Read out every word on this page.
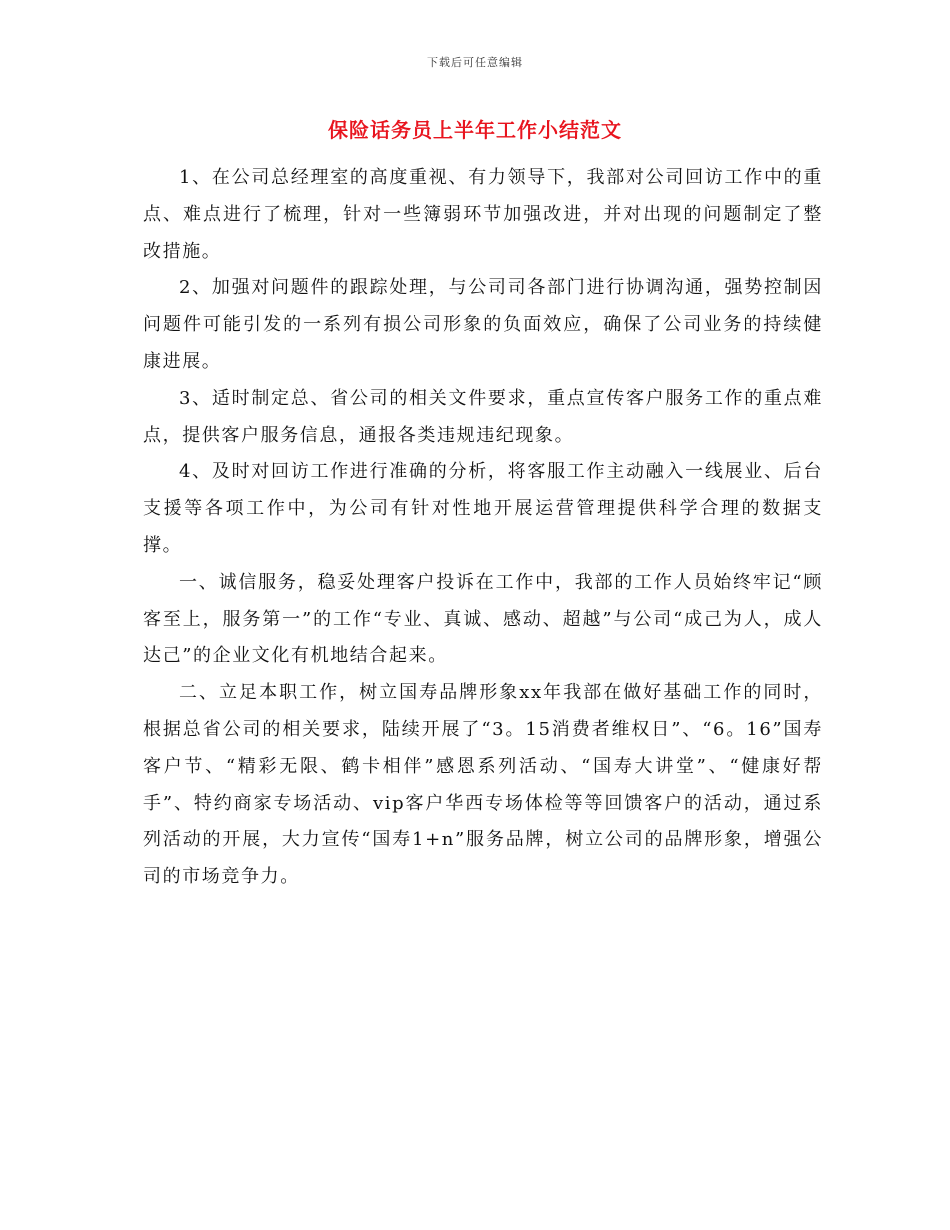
下载后可任意编辑
保险话务员上半年工作小结范文

1、在公司总经理室的高度重视、有力领导下，我部对公司回访工作中的重点、难点进行了梳理，针对一些簿弱环节加强改进，并对出现的问题制定了整改措施。

2、加强对问题件的跟踪处理，与公司司各部门进行协调沟通，强势控制因问题件可能引发的一系列有损公司形象的负面效应，确保了公司业务的持续健康进展。

3、适时制定总、省公司的相关文件要求，重点宣传客户服务工作的重点难点，提供客户服务信息，通报各类违规违纪现象。

4、及时对回访工作进行准确的分析，将客服工作主动融入一线展业、后台支援等各项工作中，为公司有针对性地开展运营管理提供科学合理的数据支撑。

一、诚信服务，稳妥处理客户投诉在工作中，我部的工作人员始终牢记“顾客至上，服务第一”的工作“专业、真诚、感动、超越”与公司“成己为人，成人达己”的企业文化有机地结合起来。

二、立足本职工作，树立国寿品牌形象xx年我部在做好基础工作的同时，根据总省公司的相关要求，陆续开展了“3。15消费者维权日”、“6。16”国寿客户节、“精彩无限、鹤卡相伴”感恩系列活动、“国寿大讲堂”、“健康好帮手”、特约商家专场活动、vip客户华西专场体检等等回馈客户的活动，通过系列活动的开展，大力宣传“国寿1+n”服务品牌，树立公司的品牌形象，增强公司的市场竞争力。
